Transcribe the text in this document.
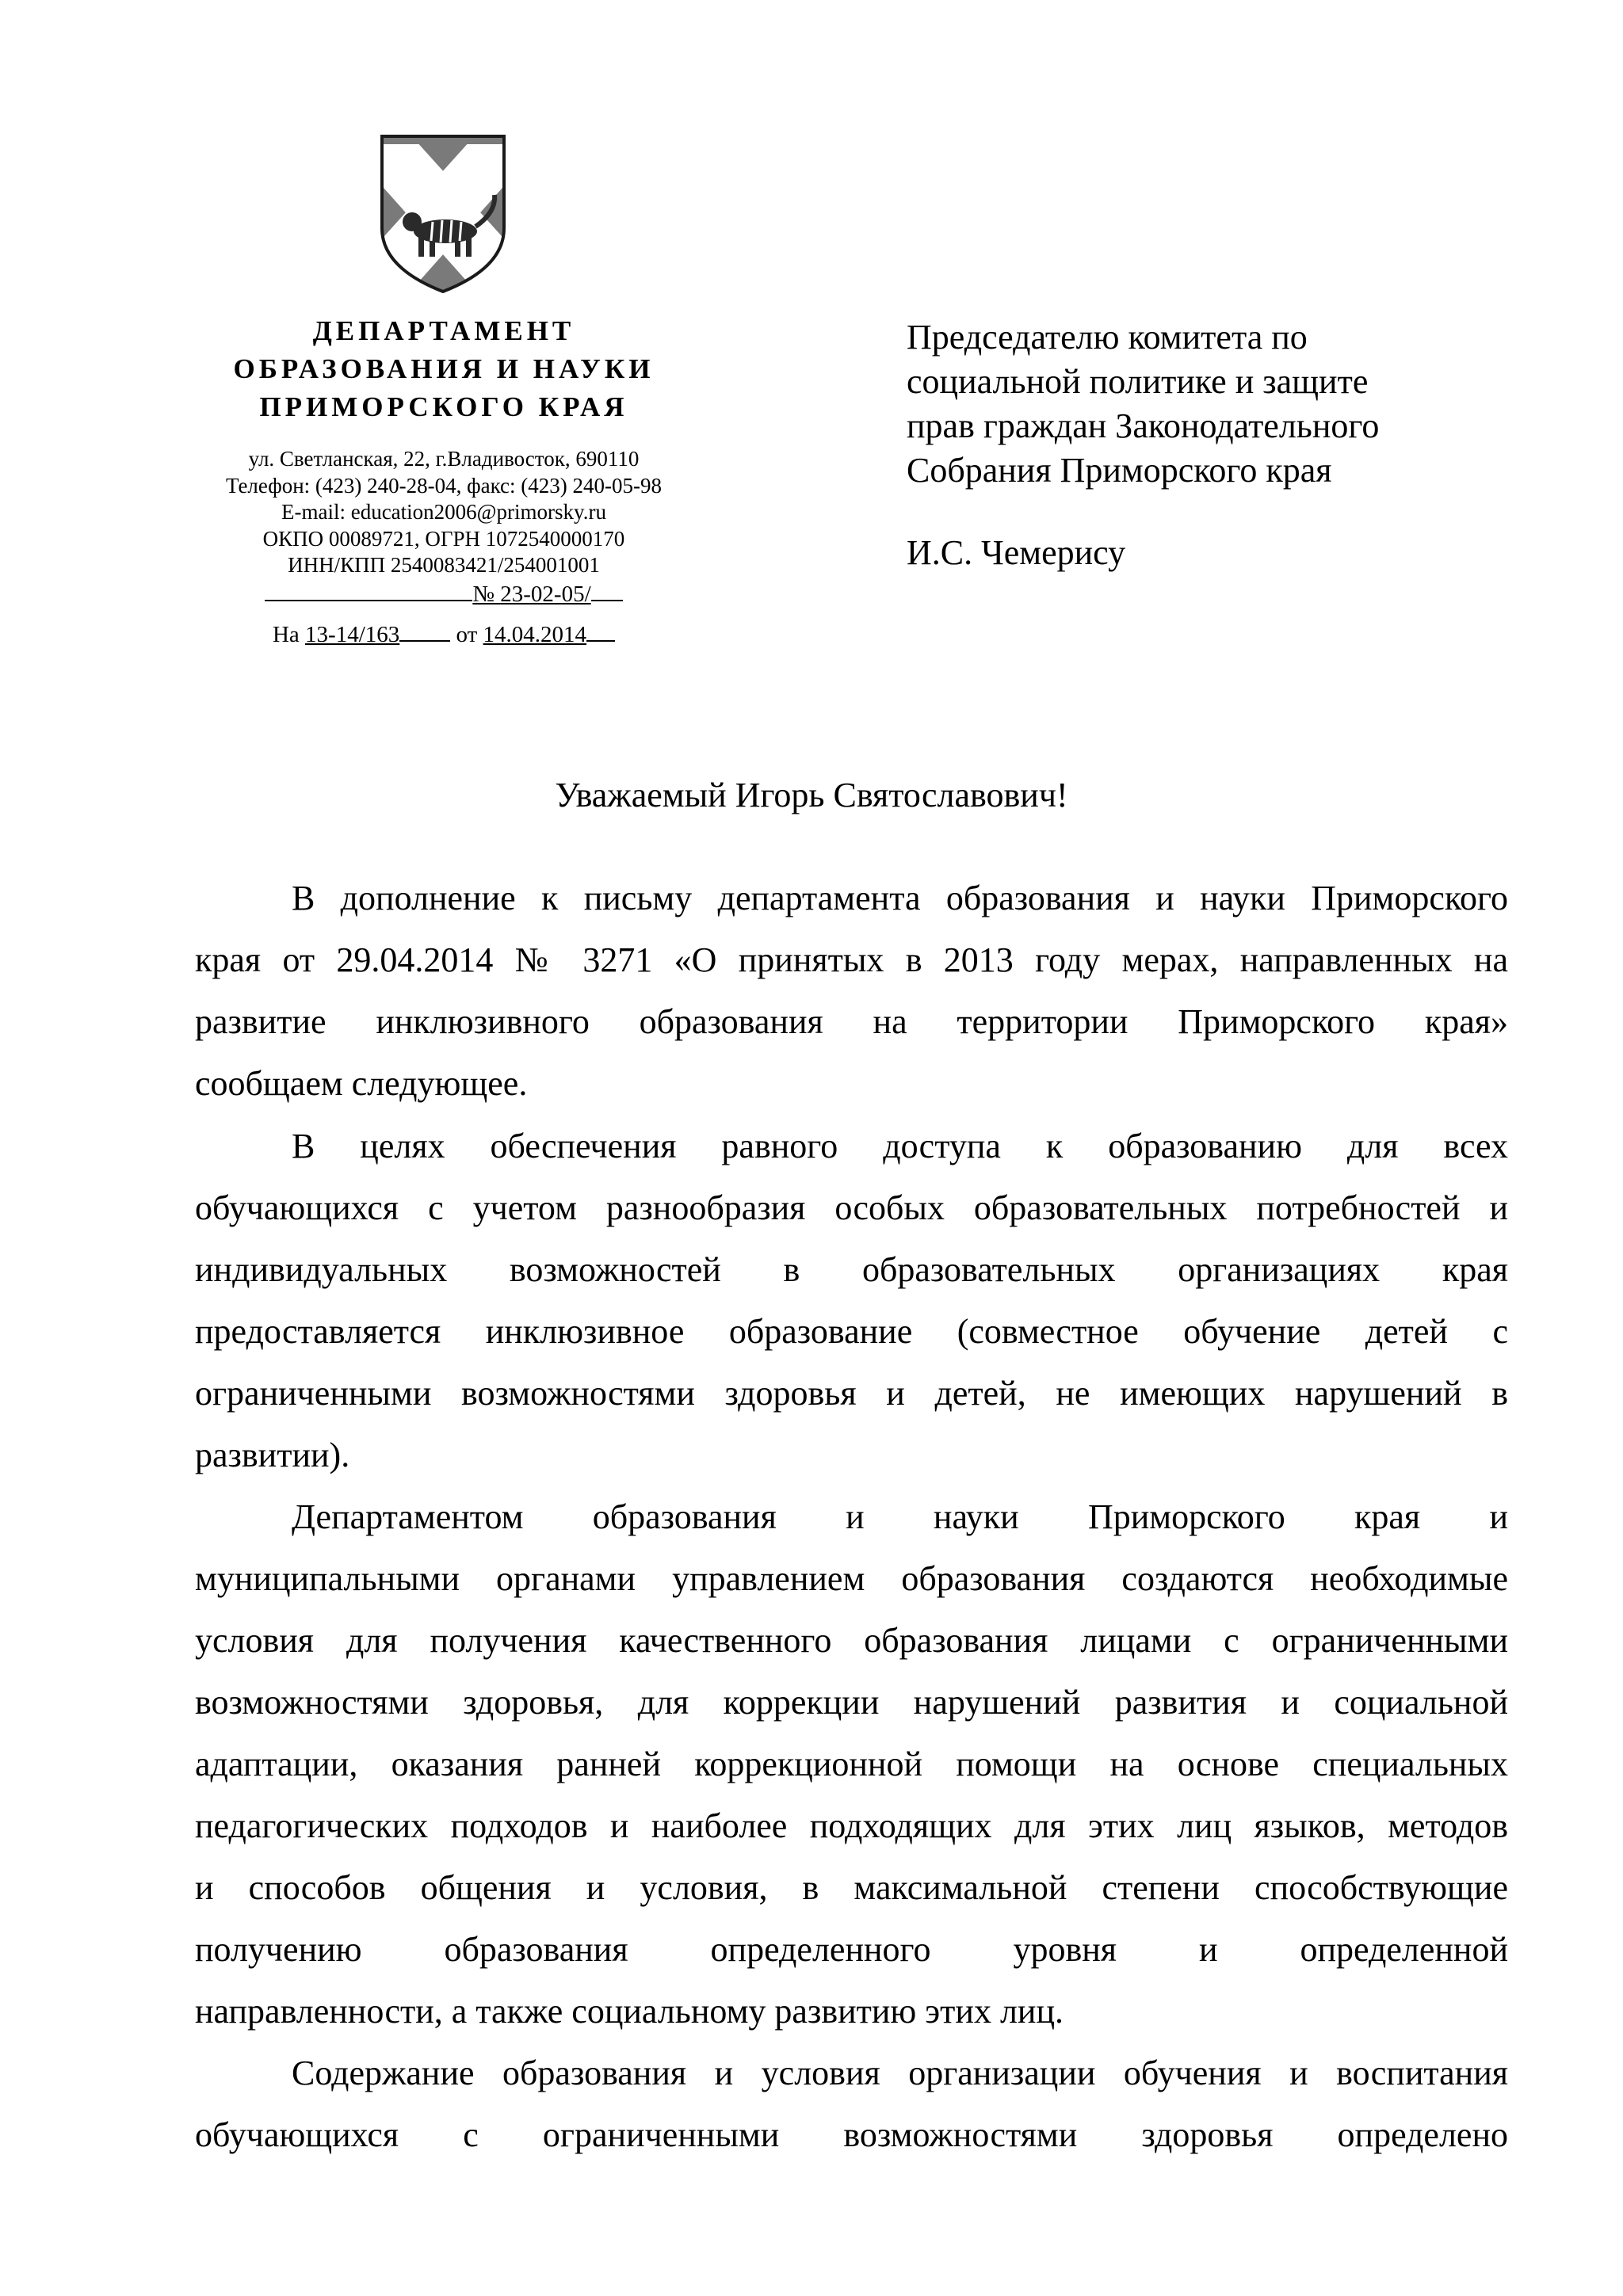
ДЕПАРТАМЕНТ
ОБРАЗОВАНИЯ И НАУКИ
ПРИМОРСКОГО КРАЯ
ул. Светланская, 22, г.Владивосток, 690110
Телефон: (423) 240-28-04, факс: (423) 240-05-98
E-mail: education2006@primorsky.ru
ОКПО 00089721, ОГРН 1072540000170
ИНН/КПП 2540083421/254001001
№ 23-02-05/
На 13-14/163 от 14.04.2014
Председателю комитета по
социальной политике и защите
прав граждан Законодательного
Собрания Приморского края
И.С. Чемерису
Уважаемый Игорь Святославович!
В дополнение к письму департамента образования и науки Приморского
края от 29.04.2014 № 3271 «О принятых в 2013 году мерах, направленных на
развитие инклюзивного образования на территории Приморского края»
сообщаем следующее.
В целях обеспечения равного доступа к образованию для всех
обучающихся с учетом разнообразия особых образовательных потребностей и
индивидуальных возможностей в образовательных организациях края
предоставляется инклюзивное образование (совместное обучение детей с
ограниченными возможностями здоровья и детей, не имеющих нарушений в
развитии).
Департаментом образования и науки Приморского края и
муниципальными органами управлением образования создаются необходимые
условия для получения качественного образования лицами с ограниченными
возможностями здоровья, для коррекции нарушений развития и социальной
адаптации, оказания ранней коррекционной помощи на основе специальных
педагогических подходов и наиболее подходящих для этих лиц языков, методов
и способов общения и условия, в максимальной степени способствующие
получению образования определенного уровня и определенной
направленности, а также социальному развитию этих лиц.
Содержание образования и условия организации обучения и воспитания
обучающихся с ограниченными возможностями здоровья определено
